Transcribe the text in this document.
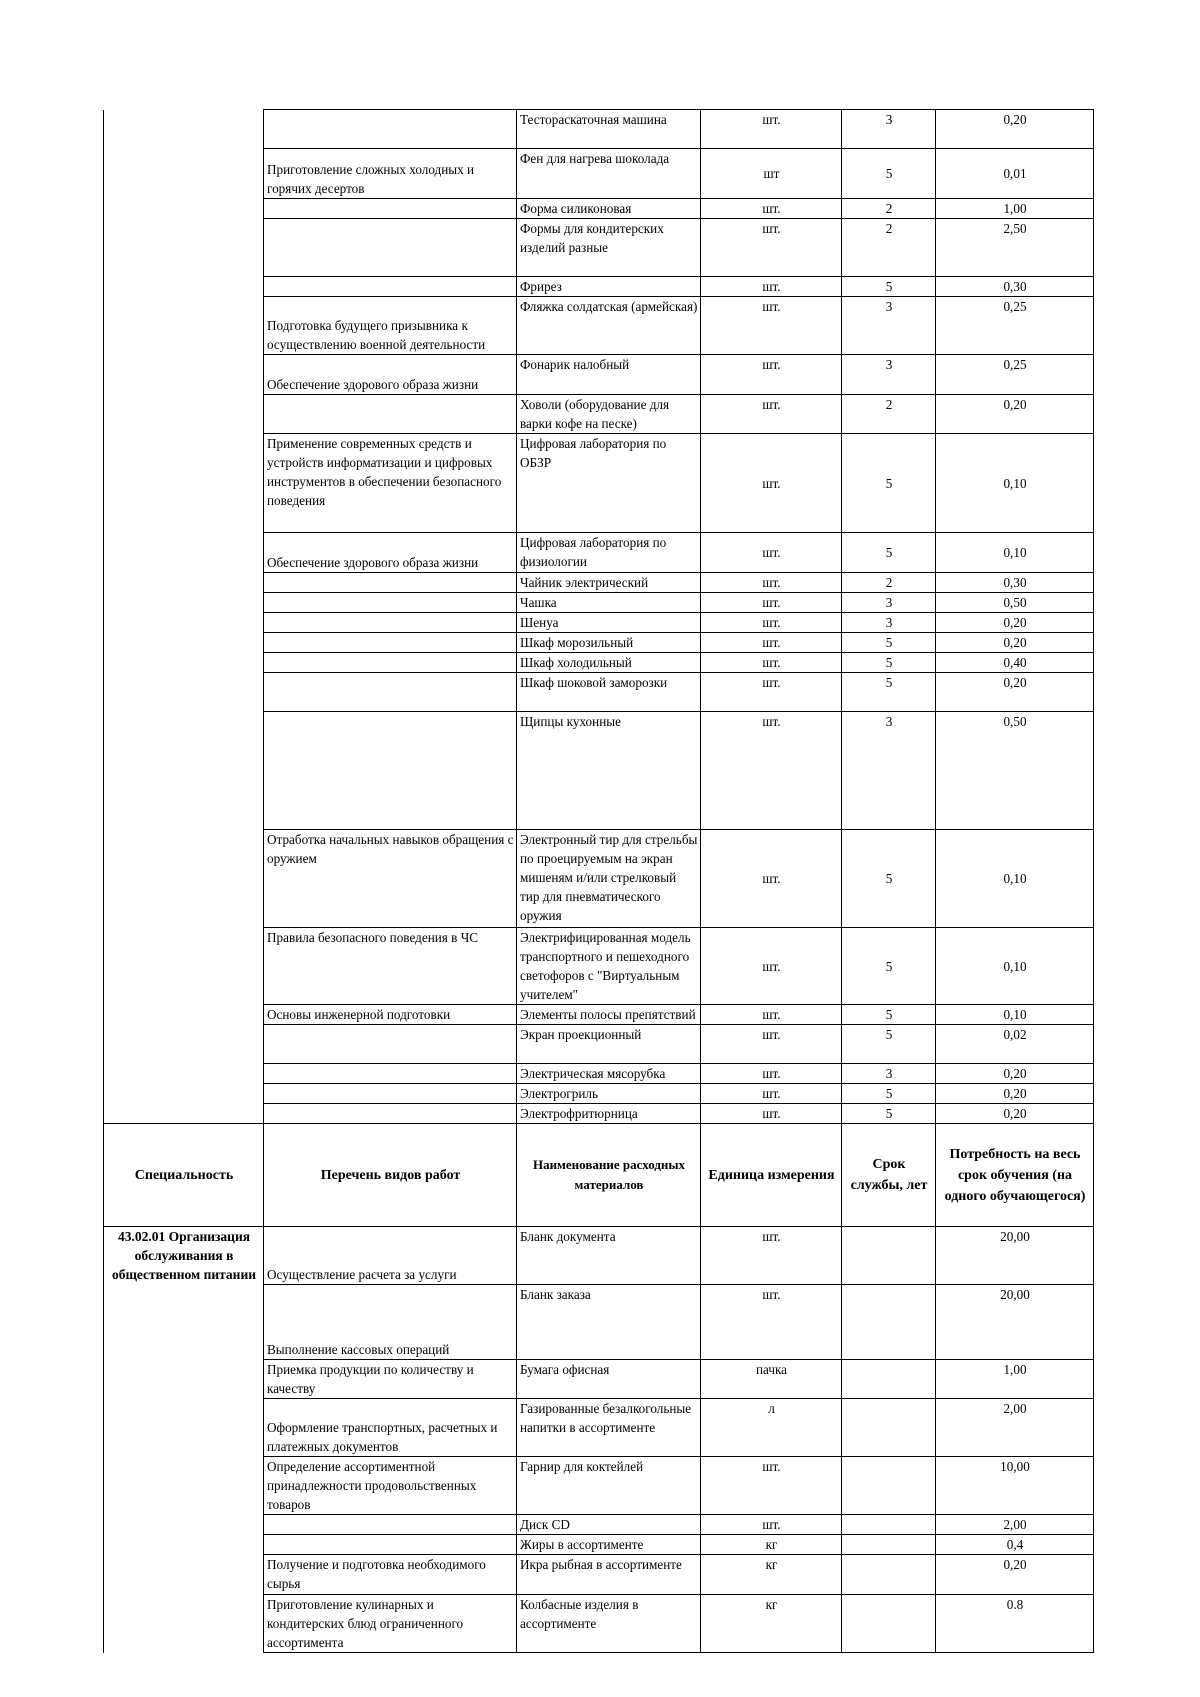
		Тестораскаточная машина	шт.	3	0,20
	Приготовление сложных холодных и горячих десертов	Фен для нагрева шоколада	шт	5	0,01
		Форма силиконовая	шт.	2	1,00
		Формы для кондитерских изделий разные	шт.	2	2,50
		Фрирез	шт.	5	0,30
	Подготовка будущего призывника к осуществлению военной деятельности	Фляжка солдатская (армейская)	шт.	3	0,25
	Обеспечение здорового образа жизни	Фонарик налобный	шт.	3	0,25
		Ховоли (оборудование для варки кофе на песке)	шт.	2	0,20
	Применение современных средств и устройств информатизации и цифровых инструментов в обеспечении безопасного поведения	Цифровая лаборатория по ОБЗР	шт.	5	0,10
	Обеспечение здорового образа жизни	Цифровая лаборатория по физиологии	шт.	5	0,10
		Чайник электрический	шт.	2	0,30
		Чашка	шт.	3	0,50
		Шенуа	шт.	3	0,20
		Шкаф морозильный	шт.	5	0,20
		Шкаф холодильный	шт.	5	0,40
		Шкаф шоковой заморозки	шт.	5	0,20
		Щипцы кухонные	шт.	3	0,50
	Отработка начальных навыков обращения с оружием	Электронный тир для стрельбы по проецируемым на экран мишеням и/или стрелковый тир для пневматического оружия	шт.	5	0,10
	Правила безопасного поведения в ЧС	Электрифицированная модель транспортного и пешеходного светофоров с "Виртуальным учителем"	шт.	5	0,10
	Основы инженерной подготовки	Элементы полосы препятствий	шт.	5	0,10
		Экран проекционный	шт.	5	0,02
		Электрическая мясорубка	шт.	3	0,20
		Электрогриль	шт.	5	0,20
		Электрофритюрница	шт.	5	0,20
Специальность	Перечень видов работ	Наименование расходных материалов	Единица измерения	Срок службы, лет	Потребность на весь срок обучения (на одного обучающегося)
43.02.01 Организация обслуживания в общественном питании	Осуществление расчета за услуги	Бланк документа	шт.		20,00
	Выполнение кассовых операций	Бланк заказа	шт.		20,00
	Приемка продукции по количеству и качеству	Бумага офисная	пачка		1,00
	Оформление транспортных, расчетных и платежных документов	Газированные безалкогольные напитки в ассортименте	л		2,00
	Определение ассортиментной принадлежности продовольственных товаров	Гарнир для коктейлей	шт.		10,00
		Диск CD	шт.		2,00
		Жиры в ассортименте	кг		0,4
	Получение и подготовка необходимого сырья	Икра рыбная в ассортименте	кг		0,20
	Приготовление кулинарных и кондитерских блюд ограниченного ассортимента	Колбасные изделия в ассортименте	кг		0.8
